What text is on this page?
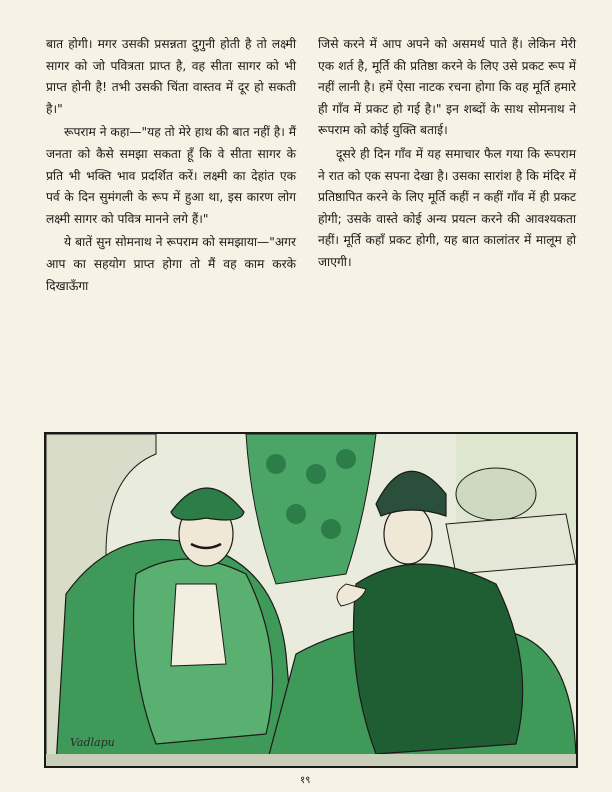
बात होगी। मगर उसकी प्रसन्नता दुगुनी होती है तो लक्ष्मी सागर को जो पवित्रता प्राप्त है, वह सीता सागर को भी प्राप्त होनी है! तभी उसकी चिंता वास्तव में दूर हो सकती है।"

रूपराम ने कहा—"यह तो मेरे हाथ की बात नहीं है। मैं जनता को कैसे समझा सकता हूँ कि वे सीता सागर के प्रति भी भक्ति भाव प्रदर्शित करें। लक्ष्मी का देहांत एक पर्व के दिन सुमंगली के रूप में हुआ था, इस कारण लोग लक्ष्मी सागर को पवित्र मानने लगे हैं।"

ये बातें सुन सोमनाथ ने रूपराम को समझाया—"अगर आप का सहयोग प्राप्त होगा तो मैं वह काम करके दिखाऊँगा

जिसे करने में आप अपने को असमर्थ पाते हैं। लेकिन मेरी एक शर्त है, मूर्ति की प्रतिष्ठा करने के लिए उसे प्रकट रूप में नहीं लानी है। हमें ऐसा नाटक रचना होगा कि वह मूर्ति हमारे ही गाँव में प्रकट हो गई है।" इन शब्दों के साथ सोमनाथ ने रूपराम को कोई युक्ति बताई।

दूसरे ही दिन गाँव में यह समाचार फैल गया कि रूपराम ने रात को एक सपना देखा है। उसका सारांश है कि मंदिर में प्रतिष्ठापित करने के लिए मूर्ति कहीं न कहीं गाँव में ही प्रकट होगी; उसके वास्ते कोई अन्य प्रयत्न करने की आवश्यकता नहीं। मूर्ति कहाँ प्रकट होगी, यह बात कालांतर में मालूम हो जाएगी।

Vadlapu
१९
